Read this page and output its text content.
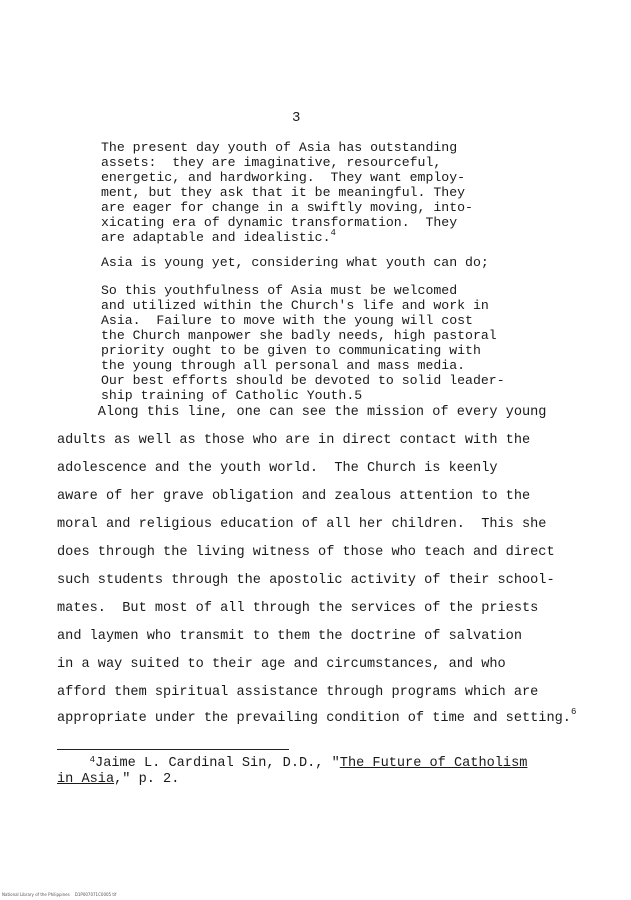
3
The present day youth of Asia has outstanding
assets:  they are imaginative, resourceful,
energetic, and hardworking.  They want employ-
ment, but they ask that it be meaningful. They
are eager for change in a swiftly moving, into-
xicating era of dynamic transformation.  They
are adaptable and idealistic.$^4$
Asia is young yet, considering what youth can do;
So this youthfulness of Asia must be welcomed
and utilized within the Church's life and work in
Asia.  Failure to move with the young will cost
the Church manpower she badly needs, high pastoral
priority ought to be given to communicating with
the young through all personal and mass media.
Our best efforts should be devoted to solid leader-
ship training of Catholic Youth.5
Along this line, one can see the mission of every young
adults as well as those who are in direct contact with the
adolescence and the youth world.  The Church is keenly
aware of her grave obligation and zealous attention to the
moral and religious education of all her children.  This she
does through the living witness of those who teach and direct
such students through the apostolic activity of their school-
mates.  But most of all through the services of the priests
and laymen who transmit to them the doctrine of salvation
in a way suited to their age and circumstances, and who
afford them spiritual assistance through programs which are
appropriate under the prevailing condition of time and setting.$^6$
$^4$Jaime L. Cardinal Sin, D.D., "The Future of Catholism
in Asia," p. 2.
National Library of the Philippines    D1P007071C0005 tif
